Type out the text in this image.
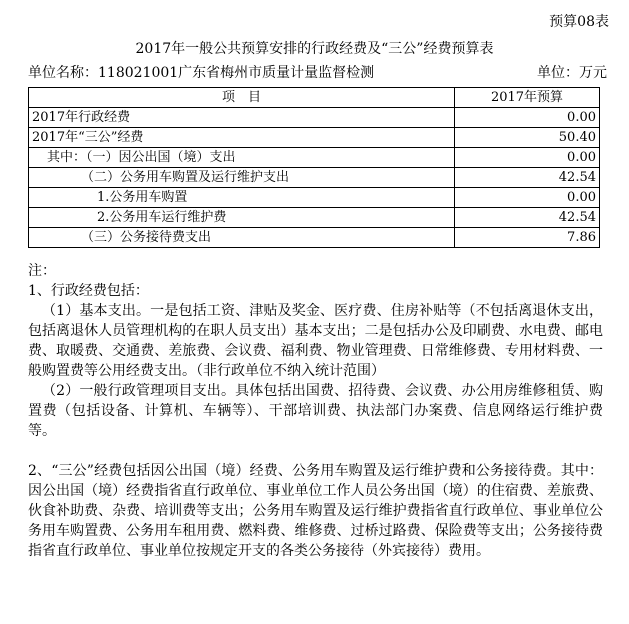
预算08表
2017年一般公共预算安排的行政经费及“三公”经费预算表
单位名称：118021001广东省梅州市质量计量监督检测	单位：万元
项　目	2017年预算
2017年行政经费	0.00
2017年“三公”经费	50.40
其中：（一）因公出国（境）支出	0.00
（二）公务用车购置及运行维护支出	42.54
1.公务用车购置	0.00
2.公务用车运行维护费	42.54
（三）公务接待费支出	7.86

注：

1、行政经费包括：

（1）基本支出。一是包括工资、津贴及奖金、医疗费、住房补贴等（不包括离退休支出，包括离退休人员管理机构的在职人员支出）基本支出；二是包括办公及印刷费、水电费、邮电费、取暖费、交通费、差旅费、会议费、福利费、物业管理费、日常维修费、专用材料费、一般购置费等公用经费支出。（非行政单位不纳入统计范围）

（2）一般行政管理项目支出。具体包括出国费、招待费、会议费、办公用房维修租赁、购置费（包括设备、计算机、车辆等）、干部培训费、执法部门办案费、信息网络运行维护费等。

2、“三公”经费包括因公出国（境）经费、公务用车购置及运行维护费和公务接待费。其中：因公出国（境）经费指省直行政单位、事业单位工作人员公务出国（境）的住宿费、差旅费、伙食补助费、杂费、培训费等支出；公务用车购置及运行维护费指省直行政单位、事业单位公务用车购置费、公务用车租用费、燃料费、维修费、过桥过路费、保险费等支出；公务接待费指省直行政单位、事业单位按规定开支的各类公务接待（外宾接待）费用。
